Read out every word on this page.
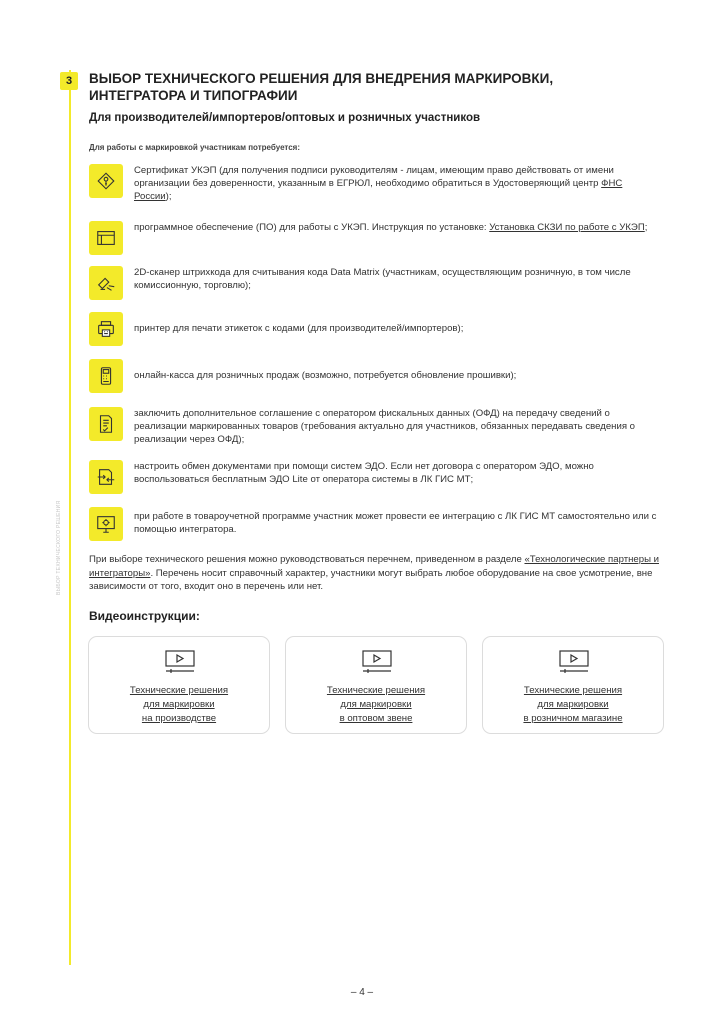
ВЫБОР ТЕХНИЧЕСКОГО РЕШЕНИЯ
3	ВЫБОР ТЕХНИЧЕСКОГО РЕШЕНИЯ ДЛЯ ВНЕДРЕНИЯ МАРКИРОВКИ, ИНТЕГРАТОРА И ТИПОГРАФИИ
Для производителей/импортеров/оптовых и розничных участников
Для работы с маркировкой участникам потребуется:
Сертификат УКЭП (для получения подписи руководителям - лицам, имеющим право действовать от имени организации без доверенности, указанным в ЕГРЮЛ, необходимо обратиться в Удостоверяющий центр ФНС России);
программное обеспечение (ПО) для работы с УКЭП. Инструкция по установке: Установка СКЗИ по работе с УКЭП;
2D-сканер штрихкода для считывания кода Data Matrix (участникам, осуществляющим розничную, в том числе комиссионную, торговлю);
принтер для печати этикеток с кодами (для производителей/импортеров);
онлайн-касса для розничных продаж (возможно, потребуется обновление прошивки);
заключить дополнительное соглашение с оператором фискальных данных (ОФД) на передачу сведений о реализации маркированных товаров (требования актуально для участников, обязанных передавать сведения о реализации через ОФД);
настроить обмен документами при помощи систем ЭДО. Если нет договора с оператором ЭДО, можно воспользоваться бесплатным ЭДО Lite от оператора системы в ЛК ГИС МТ;
при работе в товароучетной программе участник может провести ее интеграцию с ЛК ГИС МТ самостоятельно или с помощью интегратора.
При выборе технического решения можно руководствоваться перечнем, приведенном в разделе «Технологические партнеры и интеграторы». Перечень носит справочный характер, участники могут выбрать любое оборудование на свое усмотрение, вне зависимости от того, входит оно в перечень или нет.
Видеоинструкции:
Технические решения
для маркировки
на производстве
Технические решения
для маркировки
в оптовом звене
Технические решения
для маркировки
в розничном магазине
– 4 –
